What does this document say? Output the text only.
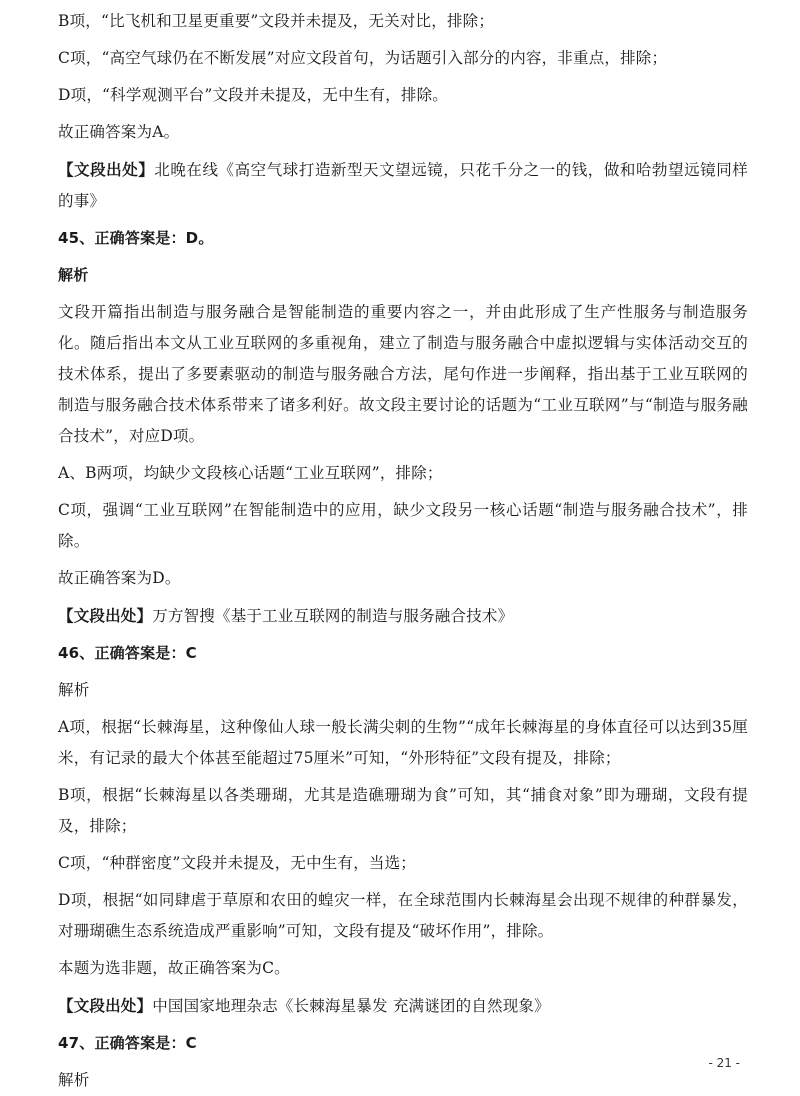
B项，“比飞机和卫星更重要”文段并未提及，无关对比，排除；

C项，“高空气球仍在不断发展”对应文段首句，为话题引入部分的内容，非重点，排除；

D项，“科学观测平台”文段并未提及，无中生有，排除。

故正确答案为A。

【文段出处】北晚在线《高空气球打造新型天文望远镜，只花千分之一的钱，做和哈勃望远镜同样的事》

45、正确答案是：D。

解析

文段开篇指出制造与服务融合是智能制造的重要内容之一，并由此形成了生产性服务与制造服务化。随后指出本文从工业互联网的多重视角，建立了制造与服务融合中虚拟逻辑与实体活动交互的技术体系，提出了多要素驱动的制造与服务融合方法，尾句作进一步阐释，指出基于工业互联网的制造与服务融合技术体系带来了诸多利好。故文段主要讨论的话题为“工业互联网”与“制造与服务融合技术”，对应D项。

A、B两项，均缺少文段核心话题“工业互联网”，排除；

C项，强调“工业互联网”在智能制造中的应用，缺少文段另一核心话题“制造与服务融合技术”，排除。

故正确答案为D。

【文段出处】万方智搜《基于工业互联网的制造与服务融合技术》

46、正确答案是：C

解析

A项，根据“长棘海星，这种像仙人球一般长满尖刺的生物”“成年长棘海星的身体直径可以达到35厘米，有记录的最大个体甚至能超过75厘米”可知，“外形特征”文段有提及，排除；

B项，根据“长棘海星以各类珊瑚，尤其是造礁珊瑚为食”可知，其“捕食对象”即为珊瑚，文段有提及，排除；

C项，“种群密度”文段并未提及，无中生有，当选；

D项，根据“如同肆虐于草原和农田的蝗灾一样，在全球范围内长棘海星会出现不规律的种群暴发，对珊瑚礁生态系统造成严重影响”可知，文段有提及“破坏作用”，排除。

本题为选非题，故正确答案为C。

【文段出处】中国国家地理杂志《长棘海星暴发 充满谜团的自然现象》

47、正确答案是：C

解析

- 21 -
